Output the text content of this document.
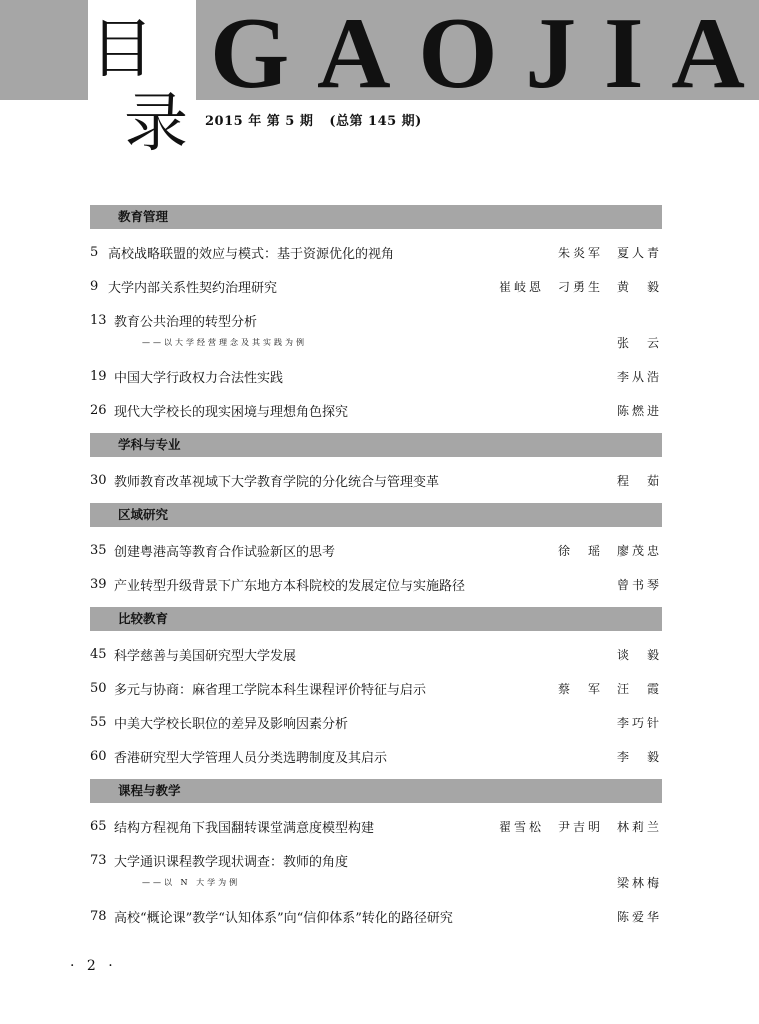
G A O J I A
目
录 2015 年 第 5 期 (总第 145 期)
教育管理
5 高校战略联盟的效应与模式：基于资源优化的视角	朱炎军 夏人青
9 大学内部关系性契约治理研究	崔岐恩 刁勇生 黄　毅
13 教育公共治理的转型分析
——以大学经营理念及其实践为例	张　云
19 中国大学行政权力合法性实践	李从浩
26 现代大学校长的现实困境与理想角色探究	陈燃进
学科与专业
30 教师教育改革视域下大学教育学院的分化统合与管理变革	程　茹
区域研究
35 创建粤港高等教育合作试验新区的思考	徐　瑶 廖茂忠
39 产业转型升级背景下广东地方本科院校的发展定位与实施路径	曾书琴
比较教育
45 科学慈善与美国研究型大学发展	谈　毅
50 多元与协商：麻省理工学院本科生课程评价特征与启示	蔡　军 汪　霞
55 中美大学校长职位的差异及影响因素分析	李巧针
60 香港研究型大学管理人员分类选聘制度及其启示	李　毅
课程与教学
65 结构方程视角下我国翻转课堂满意度模型构建	翟雪松 尹吉明 林莉兰
73 大学通识课程教学现状调查：教师的角度
——以 N 大学为例	梁林梅
78 高校“概论课”教学“认知体系”向“信仰体系”转化的路径研究	陈爱华
· 2 ·
